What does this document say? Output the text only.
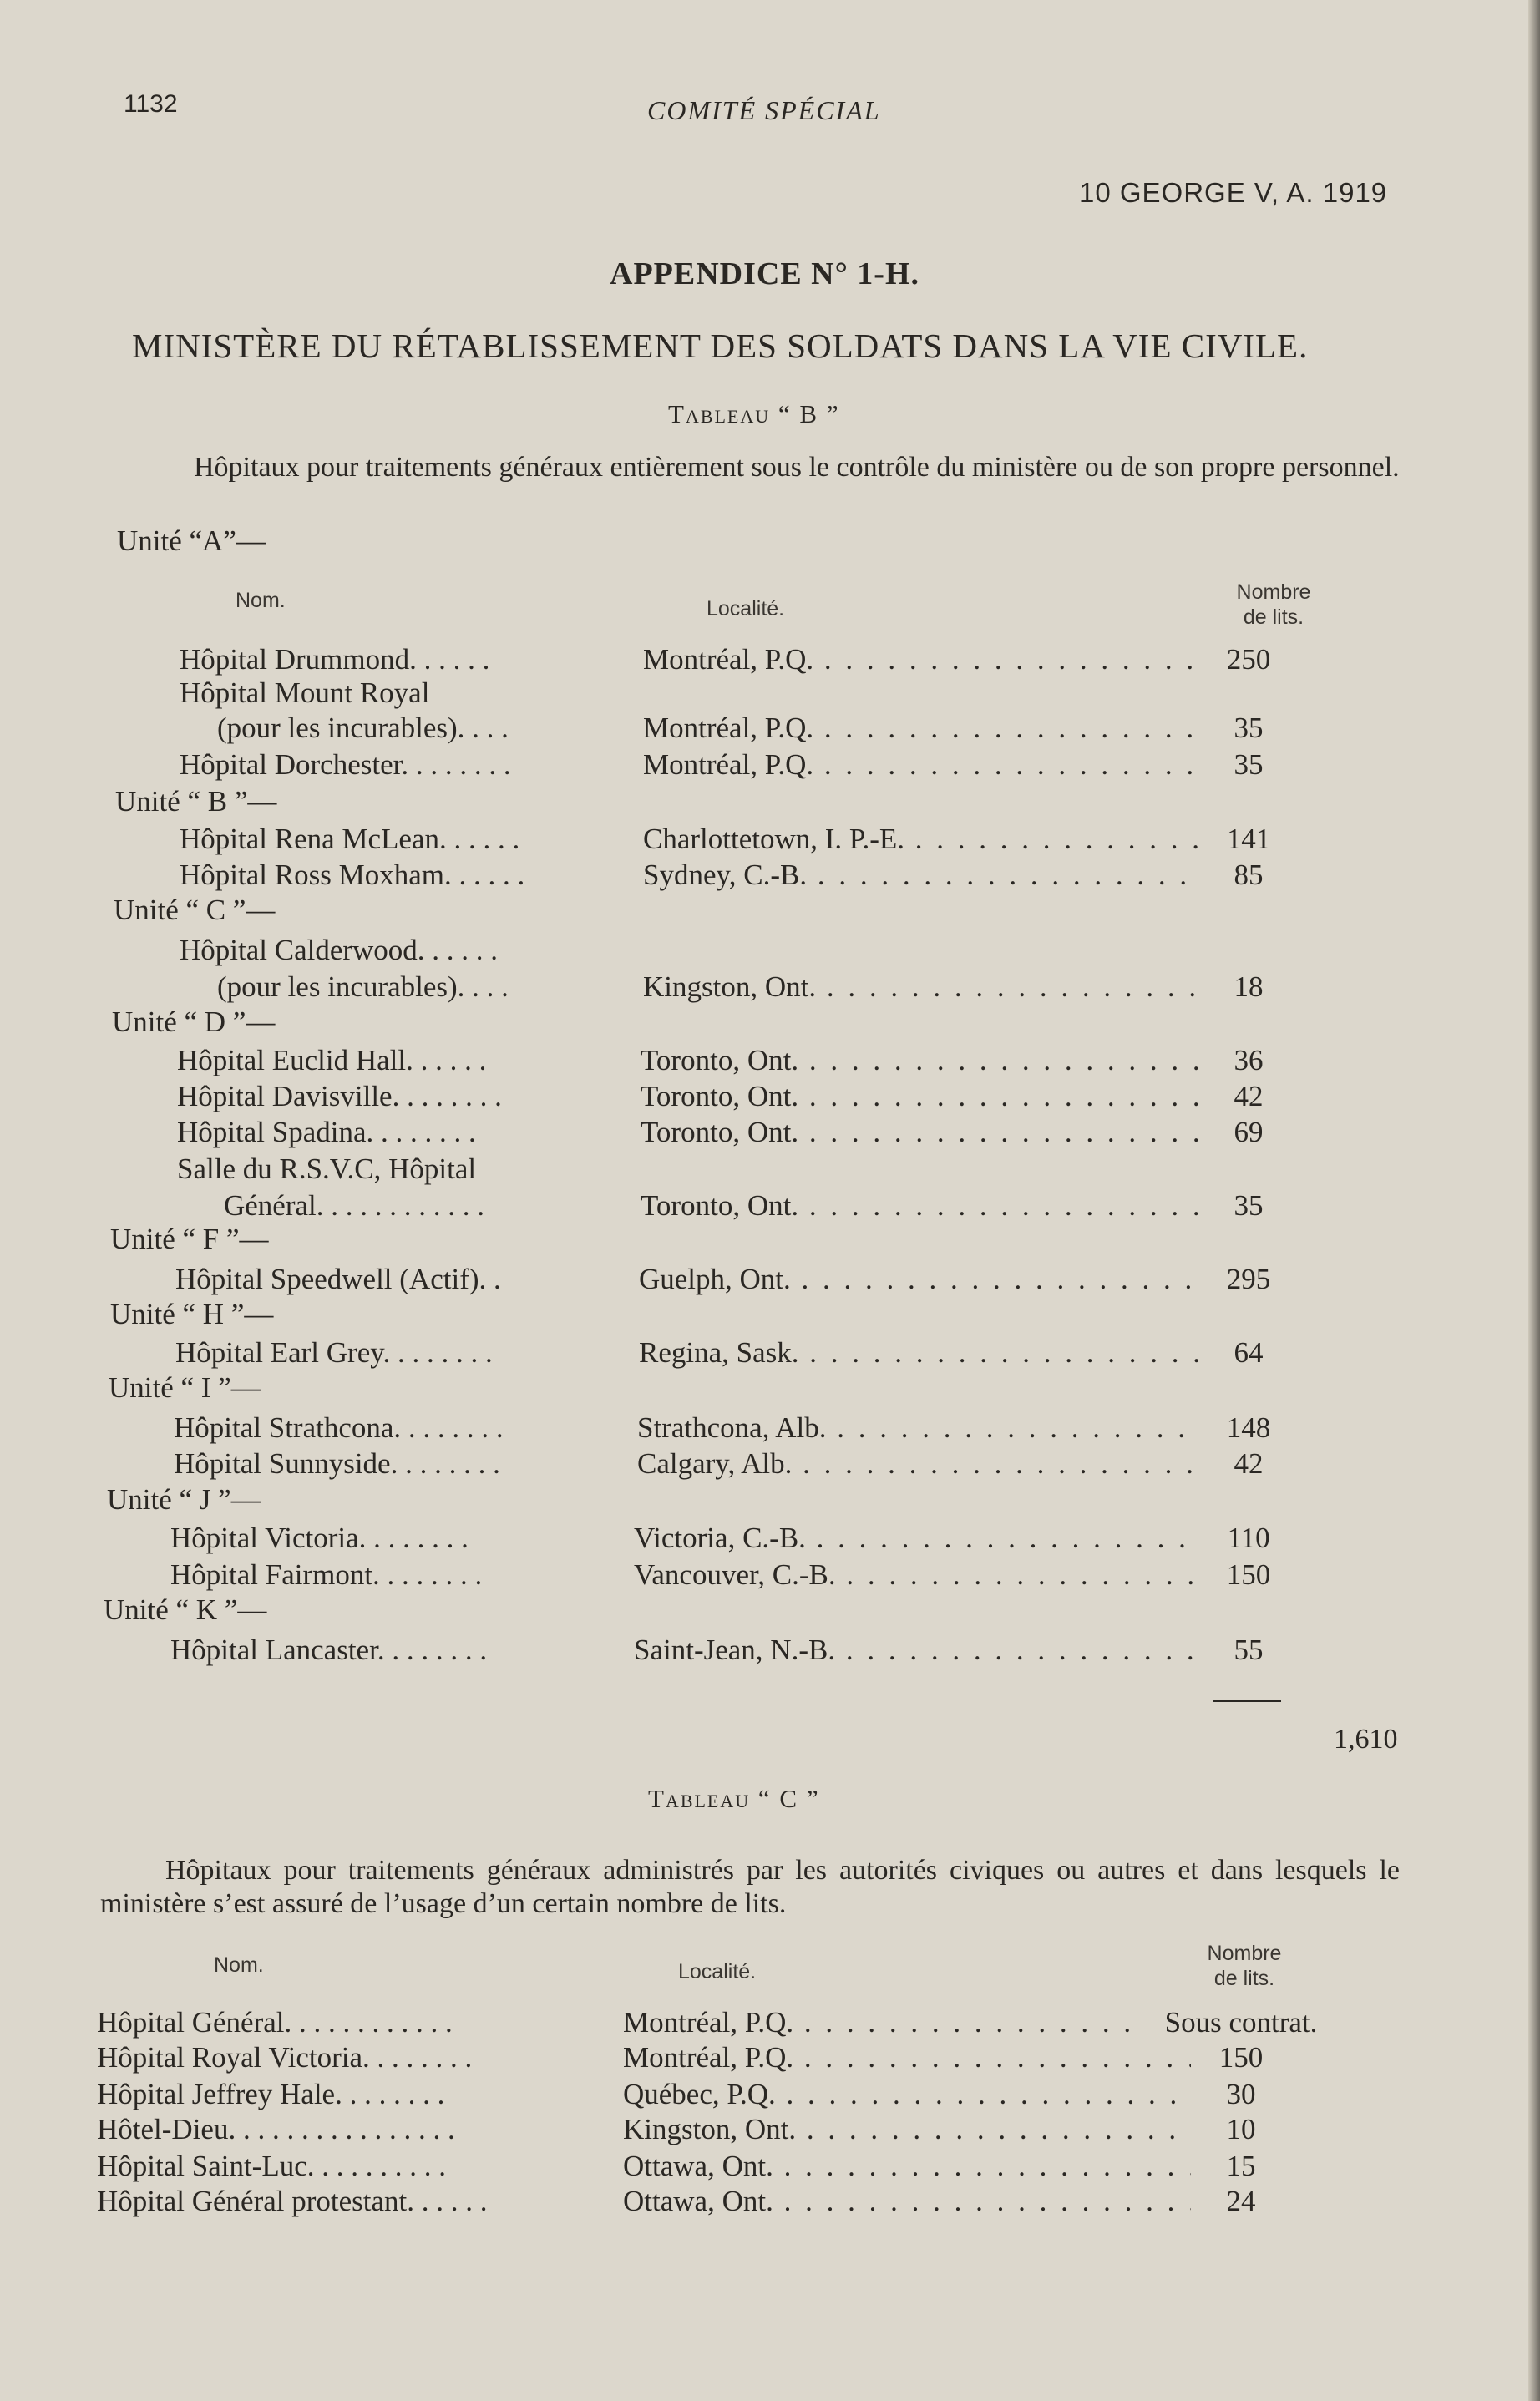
1132	COMITÉ SPÉCIAL
10 GEORGE V, A. 1919
APPENDICE N° 1-H.
MINISTÈRE DU RÉTABLISSEMENT DES SOLDATS DANS LA VIE CIVILE.
Tableau “ B ”
Hôpitaux pour traitements généraux entièrement sous le contrôle du ministère ou de son propre personnel.
Unité “A”—
Nom.	Localité.
Nombre
de lits.
Hôpital Drummond. . . . . .	Montréal, P.Q. . . .	250
Hôpital Mount Royal
(pour les incurables). . . .	Montréal, P.Q. . . .	35
Hôpital Dorchester. . . . . . . .	Montréal, P.Q. . . .	35
Unité “ B ”—
Hôpital Rena McLean. . . . . .	Charlottetown, I. P.-E. . . .	141
Hôpital Ross Moxham. . . . . .	Sydney, C.-B. . . .	85
Unité “ C ”—
Hôpital Calderwood. . . . . .
(pour les incurables). . . .	Kingston, Ont. . . .	18
Unité “ D ”—
Hôpital Euclid Hall. . . . . .	Toronto, Ont. . . .	36
Hôpital Davisville. . . . . . . .	Toronto, Ont. . . .	42
Hôpital Spadina. . . . . . . .	Toronto, Ont. . . .	69
Salle du R.S.V.C, Hôpital
Général. . . . . . . . . . . .	Toronto, Ont. . . .	35
Unité “ F ”—
Hôpital Speedwell (Actif). .	Guelph, Ont. . . .	295
Unité “ H ”—
Hôpital Earl Grey. . . . . . . .	Regina, Sask. . . .	64
Unité “ I ”—
Hôpital Strathcona. . . . . . . .	Strathcona, Alb. . . .	148
Hôpital Sunnyside. . . . . . . .	Calgary, Alb. . . .	42
Unité “ J ”—
Hôpital Victoria. . . . . . . .	Victoria, C.-B. . . .	110
Hôpital Fairmont. . . . . . . .	Vancouver, C.-B. . . .	150
Unité “ K ”—
Hôpital Lancaster. . . . . . . .	Saint-Jean, N.-B. . . .	55
1,610
Tableau “ C ”
Hôpitaux pour traitements généraux administrés par les autorités civiques ou autres et dans lesquels le ministère s’est assuré de l’usage d’un certain nombre de lits.
Nom.	Localité.
Nombre
de lits.
Hôpital Général. . . . . . . . . . . .	Montréal, P.Q. . . .	Sous contrat.
Hôpital Royal Victoria. . . . . . . .	Montréal, P.Q. . . .	150
Hôpital Jeffrey Hale. . . . . . . .	Québec, P.Q. . . .	30
Hôtel-Dieu. . . . . . . . . . . . . . . .	Kingston, Ont. . . .	10
Hôpital Saint-Luc. . . . . . . . . .	Ottawa, Ont. . . .	15
Hôpital Général protestant. . . . . .	Ottawa, Ont. . . .	24
